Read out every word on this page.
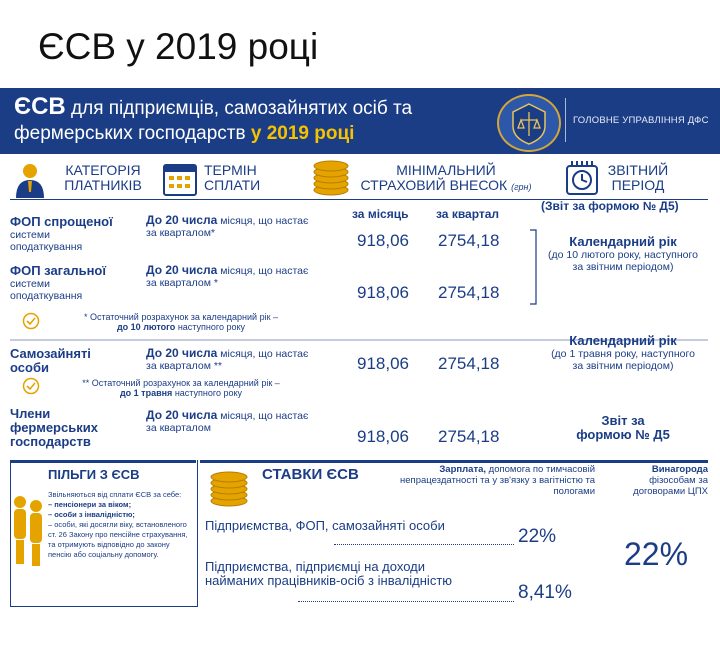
ЄСВ у 2019 році
ЄСВ для підприємців, самозайнятих осіб та
фермерських господарств у 2019 році
ГОЛОВНЕ УПРАВЛІННЯ ДФС
КАТЕГОРІЯ
ПЛАТНИКІВ
ТЕРМІН
СПЛАТИ
МІНІМАЛЬНИЙ
СТРАХОВИЙ ВНЕСОК (грн)
ЗВІТНИЙ
ПЕРІОД
за місяць за квартал
(Звіт за формою № Д5)
ФОП спрощеної
системи оподаткування
До 20 числа місяця, що настає за кварталом*	918,06 2754,18
ФОП загальної
системи оподаткування
До 20 числа місяця, що настає за кварталом *	918,06 2754,18
Календарний рік
(до 10 лютого року, наступного за звітним періодом)
* Остаточний розрахунок за календарний рік –
до 10 лютого наступного року
Самозайняті особи
До 20 числа місяця, що настає за кварталом **	918,06 2754,18
Календарний рік
(до 1 травня року, наступного за звітним періодом)
** Остаточний розрахунок за календарний рік –
до 1 травня наступного року
Члени фермерських господарств
До 20 числа місяця, що настає за кварталом	918,06 2754,18
Звіт за
формою № Д5
ПІЛЬГИ З ЄСВ
Звільняються від сплати ЄСВ за себе:
– пенсіонери за віком;
– особи з інвалідністю;
– особи, які досягли віку, встановленого ст. 26 Закону про пенсійне страхування, та отримують відповідно до закону пенсію або соціальну допомогу.
СТАВКИ ЄСВ	Зарплата, допомога по тимчасовій непрацездатності та у зв'язку з вагітністю та пологами
Винагорода фізособам за договорами ЦПХ
Підприємства, ФОП, самозайняті особи
22%
Підприємства, підприємці на доходи найманих працівників-осіб з інвалідністю
8,41%
22%
